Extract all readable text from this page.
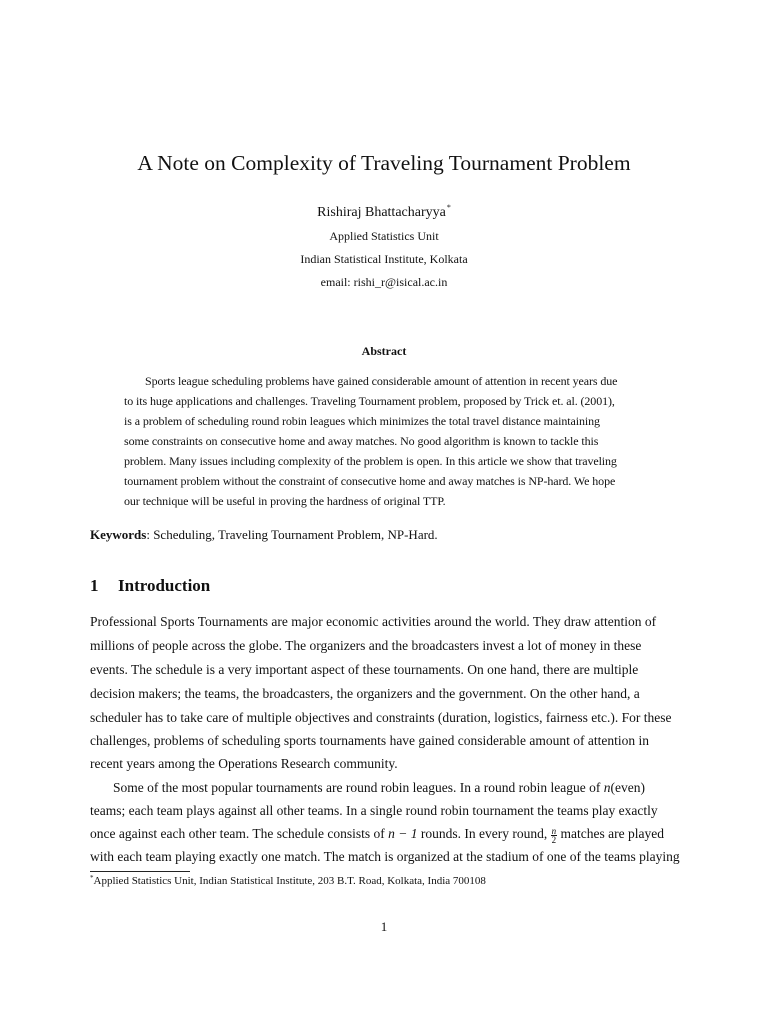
A Note on Complexity of Traveling Tournament Problem
Rishiraj Bhattacharyya*
Applied Statistics Unit
Indian Statistical Institute, Kolkata
email: rishi_r@isical.ac.in
Abstract
Sports league scheduling problems have gained considerable amount of attention in recent years due
to its huge applications and challenges. Traveling Tournament problem, proposed by Trick et. al. (2001),
is a problem of scheduling round robin leagues which minimizes the total travel distance maintaining
some constraints on consecutive home and away matches. No good algorithm is known to tackle this
problem. Many issues including complexity of the problem is open. In this article we show that traveling
tournament problem without the constraint of consecutive home and away matches is NP-hard. We hope
our technique will be useful in proving the hardness of original TTP.
Keywords: Scheduling, Traveling Tournament Problem, NP-Hard.
1 Introduction
Professional Sports Tournaments are major economic activities around the world. They draw attention of
millions of people across the globe. The organizers and the broadcasters invest a lot of money in these
events. The schedule is a very important aspect of these tournaments. On one hand, there are multiple
decision makers; the teams, the broadcasters, the organizers and the government. On the other hand, a
scheduler has to take care of multiple objectives and constraints (duration, logistics, fairness etc.). For these
challenges, problems of scheduling sports tournaments have gained considerable amount of attention in
recent years among the Operations Research community.
Some of the most popular tournaments are round robin leagues. In a round robin league of n(even)
teams; each team plays against all other teams. In a single round robin tournament the teams play exactly
once against each other team. The schedule consists of n − 1 rounds. In every round, $\frac{n}{2}$ matches are played
with each team playing exactly one match. The match is organized at the stadium of one of the teams playing
*Applied Statistics Unit, Indian Statistical Institute, 203 B.T. Road, Kolkata, India 700108
1
